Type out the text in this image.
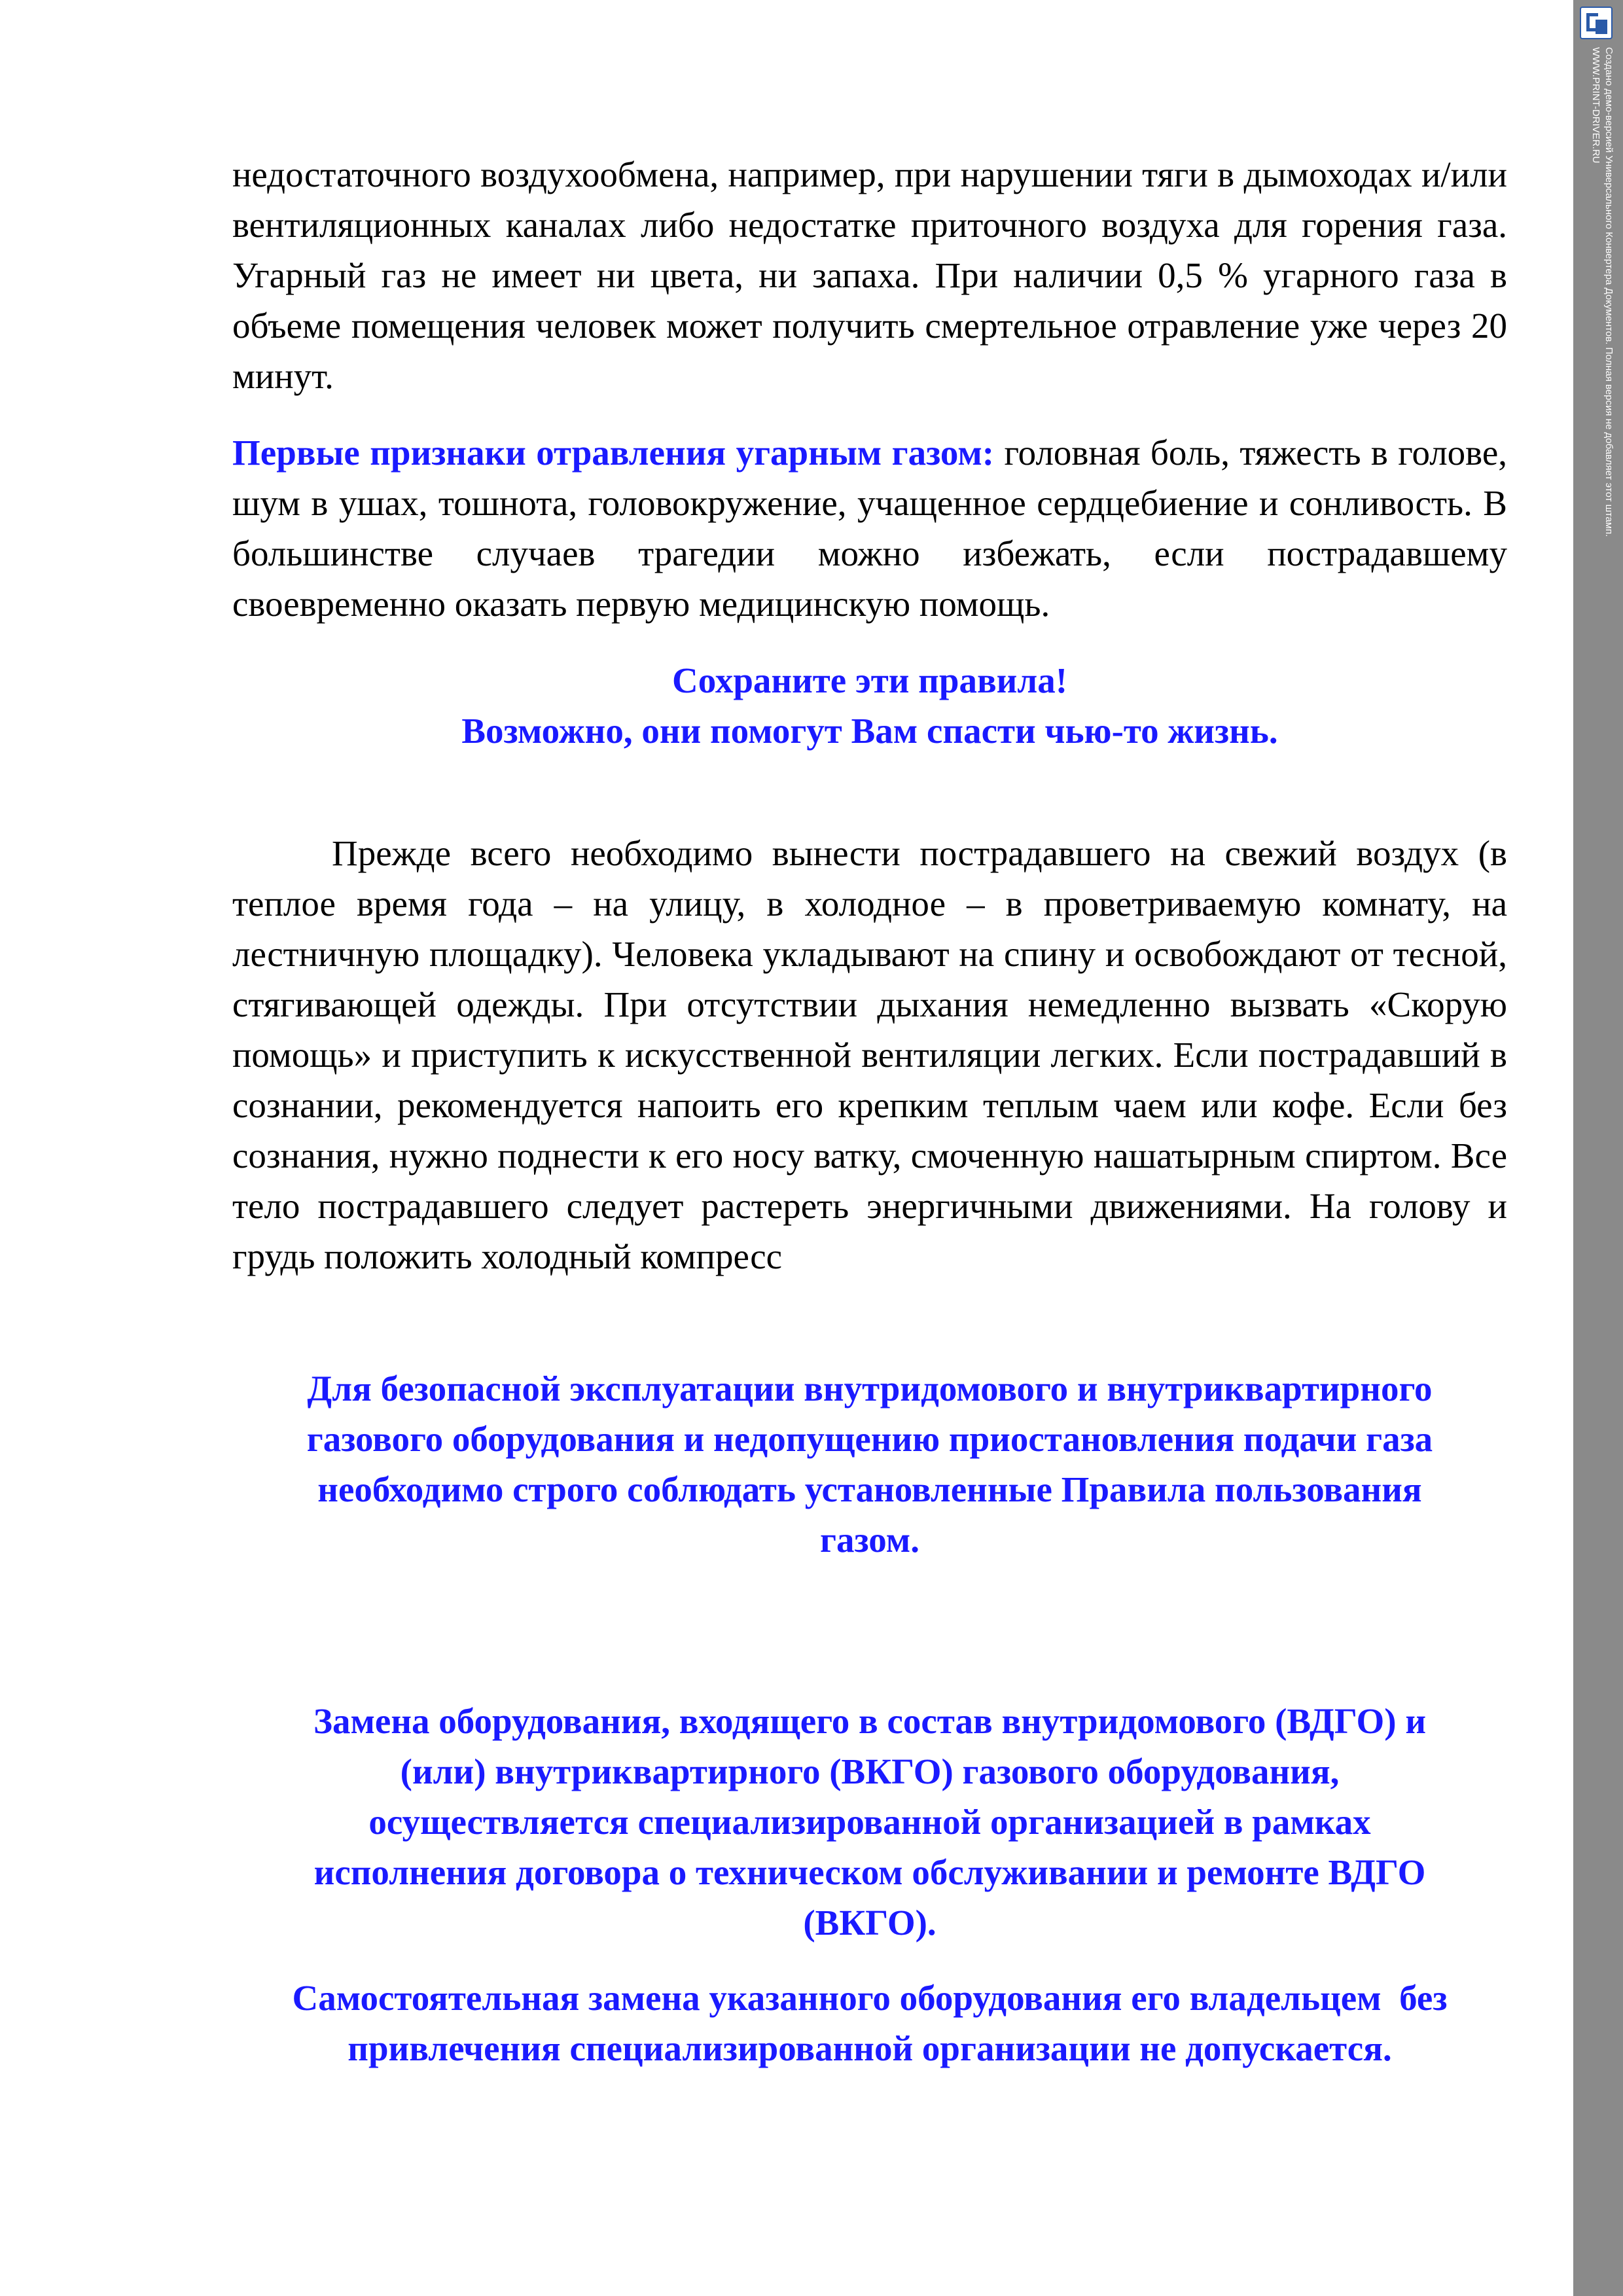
недостаточного воздухообмена, например, при нарушении тяги в дымоходах и/или вентиляционных каналах либо недостатке приточного воздуха для горения газа. Угарный газ не имеет ни цвета, ни запаха. При наличии 0,5 % угарного газа в объеме помещения человек может получить смертельное отравление уже через 20 минут.

Первые признаки отравления угарным газом: головная боль, тяжесть в голове, шум в ушах, тошнота, головокружение, учащенное сердцебиение и сонливость. В большинстве случаев трагедии можно избежать, если пострадавшему своевременно оказать первую медицинскую помощь.

Сохраните эти правила!
Возможно, они помогут Вам спасти чью-то жизнь.

Прежде всего необходимо вынести пострадавшего на свежий воздух (в теплое время года – на улицу, в холодное – в проветриваемую комнату, на лестничную площадку). Человека укладывают на спину и освобождают от тесной, стягивающей одежды. При отсутствии дыхания немедленно вызвать «Скорую помощь» и приступить к искусственной вентиляции легких. Если пострадавший в сознании, рекомендуется напоить его крепким теплым чаем или кофе. Если без сознания, нужно поднести к его носу ватку, смоченную нашатырным спиртом. Все тело пострадавшего следует растереть энергичными движениями. На голову и грудь положить холодный компресс

Для безопасной эксплуатации внутридомового и внутриквартирного
газового оборудования и недопущению приостановления подачи газа
необходимо строго соблюдать установленные Правила пользования
газом.
Замена оборудования, входящего в состав внутридомового (ВДГО) и
(или) внутриквартирного (ВКГО) газового оборудования,
осуществляется специализированной организацией в рамках
исполнения договора о техническом обслуживании и ремонте ВДГО
(ВКГО).
Самостоятельная замена указанного оборудования его владельцем  без
привлечения специализированной организации не допускается.
Создано демо-версией Универсального Конвертера Документов. Полная версия не добавляет этот штамп.
WWW.PRINT-DRIVER.RU
